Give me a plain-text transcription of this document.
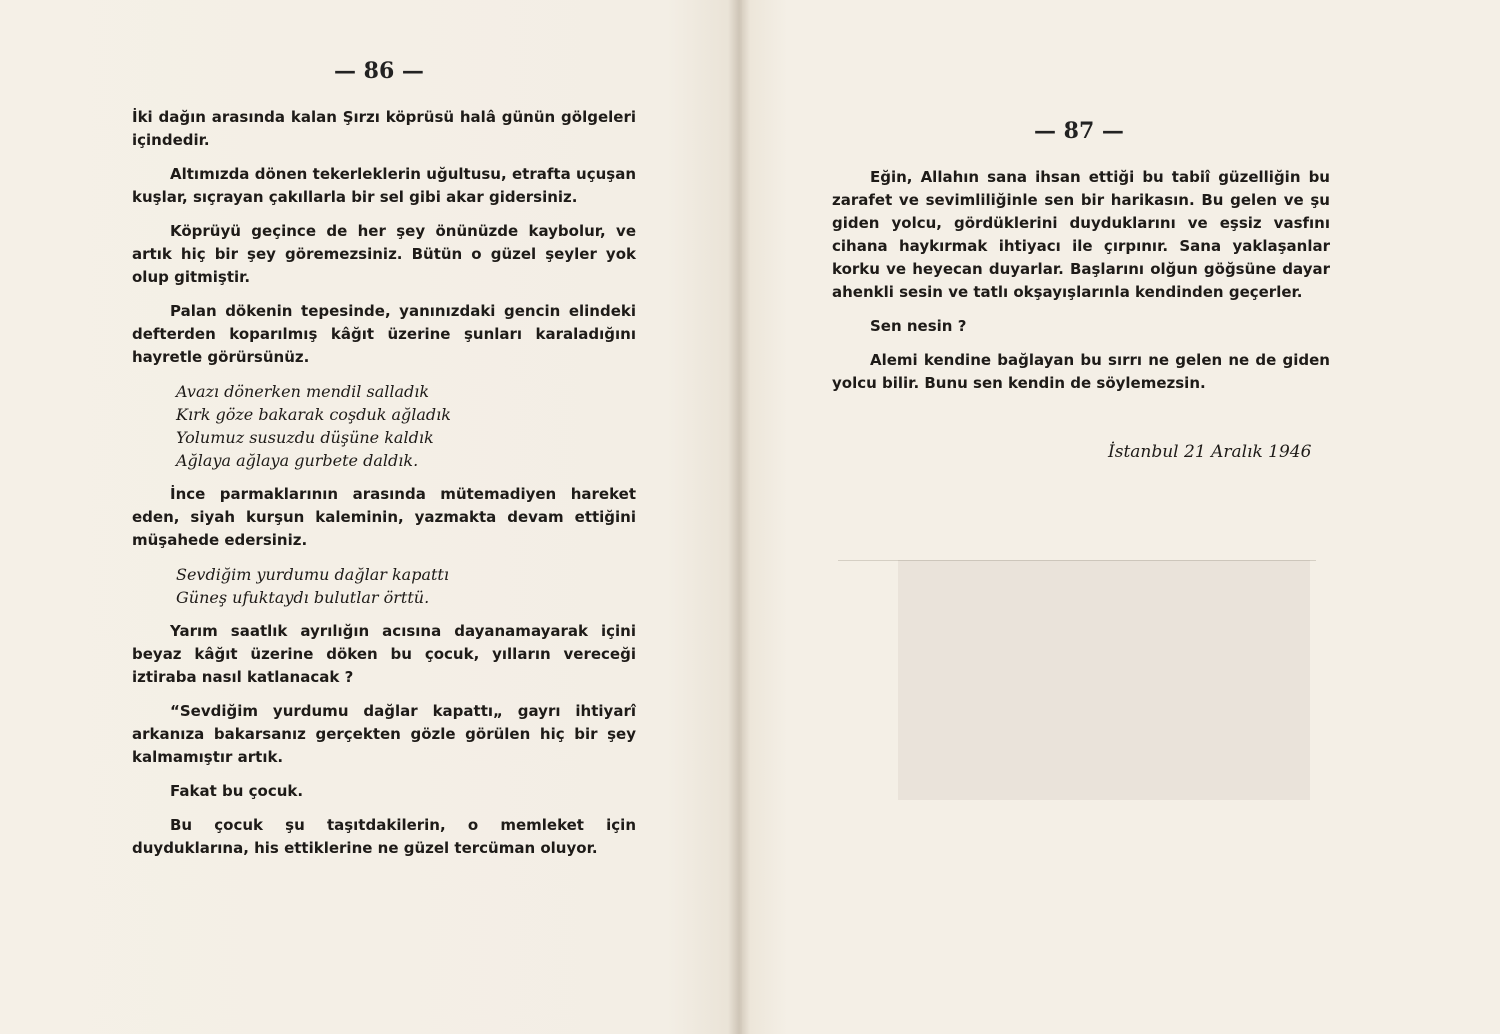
— 86 —

İki dağın arasında kalan Şırzı köprüsü halâ günün gölgeleri içindedir.

Altımızda dönen tekerleklerin uğultusu, etrafta uçuşan kuşlar, sıçrayan çakıllarla bir sel gibi akar gidersiniz.

Köprüyü geçince de her şey önünüzde kaybolur, ve artık hiç bir şey göremezsiniz. Bütün o güzel şeyler yok olup gitmiştir.

Palan dökenin tepesinde, yanınızdaki gencin elindeki defterden koparılmış kâğıt üzerine şunları karaladığını hayretle görürsünüz.

Avazı dönerken mendil salladık
Kırk göze bakarak coşduk ağladık
Yolumuz susuzdu düşüne kaldık
Ağlaya ağlaya gurbete daldık.

İnce parmaklarının arasında mütemadiyen hareket eden, siyah kurşun kaleminin, yazmakta devam ettiğini müşahede edersiniz.

Sevdiğim yurdumu dağlar kapattı
Güneş ufuktaydı bulutlar örttü.

Yarım saatlık ayrılığın acısına dayanamayarak içini beyaz kâğıt üzerine döken bu çocuk, yılların vereceği iztiraba nasıl katlanacak ?

“Sevdiğim yurdumu dağlar kapattı„ gayrı ihtiyarî arkanıza bakarsanız gerçekten gözle görülen hiç bir şey kalmamıştır artık.

Fakat bu çocuk.

Bu çocuk şu taşıtdakilerin, o memleket için duyduklarına, his ettiklerine ne güzel tercüman oluyor.

— 87 —

Eğin, Allahın sana ihsan ettiği bu tabiî güzelliğin bu zarafet ve sevimliliğinle sen bir harikasın. Bu gelen ve şu giden yolcu, gördüklerini duyduklarını ve eşsiz vasfını cihana haykırmak ihtiyacı ile çırpınır. Sana yaklaşanlar korku ve heyecan duyarlar. Başlarını olğun göğsüne dayar ahenkli sesin ve tatlı okşayışlarınla kendinden geçerler.

Sen nesin ?

Alemi kendine bağlayan bu sırrı ne gelen ne de giden yolcu bilir. Bunu sen kendin de söylemezsin.

İstanbul 21 Aralık 1946
